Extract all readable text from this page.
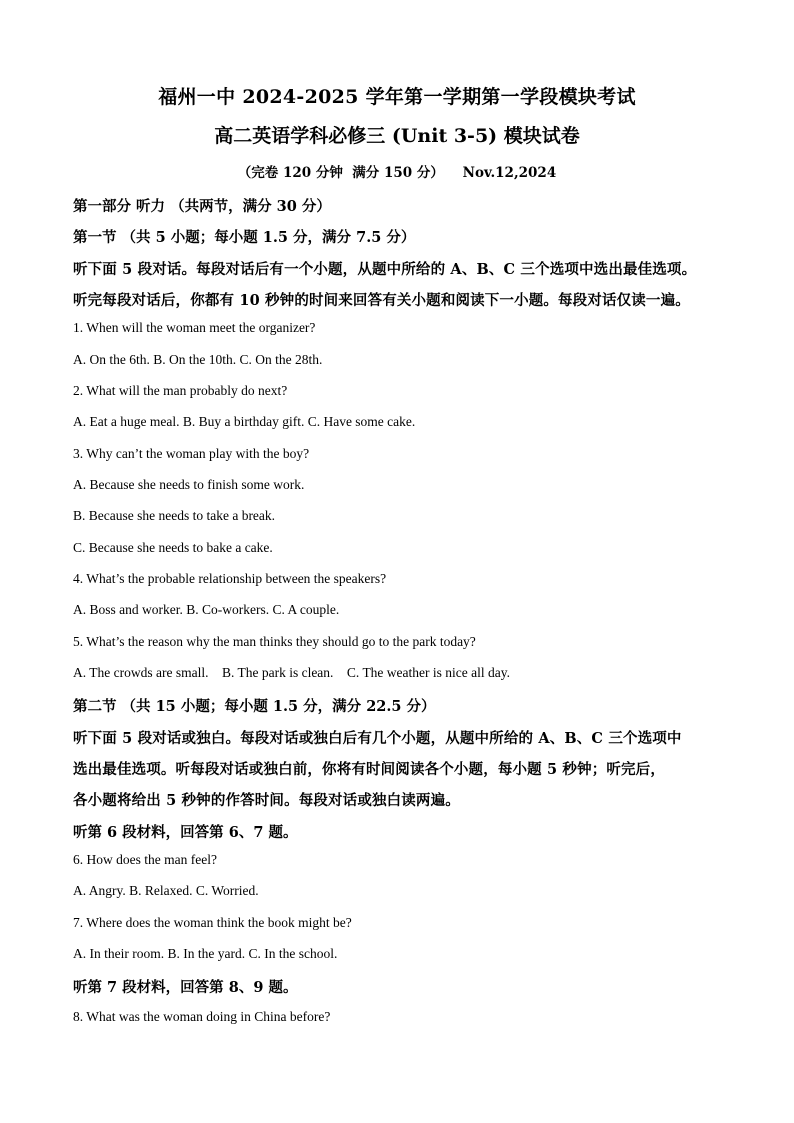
福州一中 2024-2025 学年第一学期第一学段模块考试
高二英语学科必修三 (Unit 3-5) 模块试卷
（完卷 120 分钟  满分 150 分）    Nov.12,2024
第一部分 听力 （共两节，满分 30 分）
第一节 （共 5 小题；每小题 1.5 分，满分 7.5 分）
听下面 5 段对话。每段对话后有一个小题，从题中所给的 A、B、C 三个选项中选出最佳选项。
听完每段对话后，你都有 10 秒钟的时间来回答有关小题和阅读下一小题。每段对话仅读一遍。
1. When will the woman meet the organizer?
A. On the 6th. B. On the 10th. C. On the 28th.
2. What will the man probably do next?
A. Eat a huge meal. B. Buy a birthday gift. C. Have some cake.
3. Why can’t the woman play with the boy?
A. Because she needs to finish some work.
B. Because she needs to take a break.
C. Because she needs to bake a cake.
4. What’s the probable relationship between the speakers?
A. Boss and worker. B. Co-workers. C. A couple.
5. What’s the reason why the man thinks they should go to the park today?
A. The crowds are small.    B. The park is clean.    C. The weather is nice all day.
第二节 （共 15 小题；每小题 1.5 分，满分 22.5 分）
听下面 5 段对话或独白。每段对话或独白后有几个小题，从题中所给的 A、B、C 三个选项中
选出最佳选项。听每段对话或独白前，你将有时间阅读各个小题，每小题 5 秒钟；听完后，
各小题将给出 5 秒钟的作答时间。每段对话或独白读两遍。
听第 6 段材料，回答第 6、7 题。
6. How does the man feel?
A. Angry. B. Relaxed. C. Worried.
7. Where does the woman think the book might be?
A. In their room. B. In the yard. C. In the school.
听第 7 段材料，回答第 8、9 题。
8. What was the woman doing in China before?
